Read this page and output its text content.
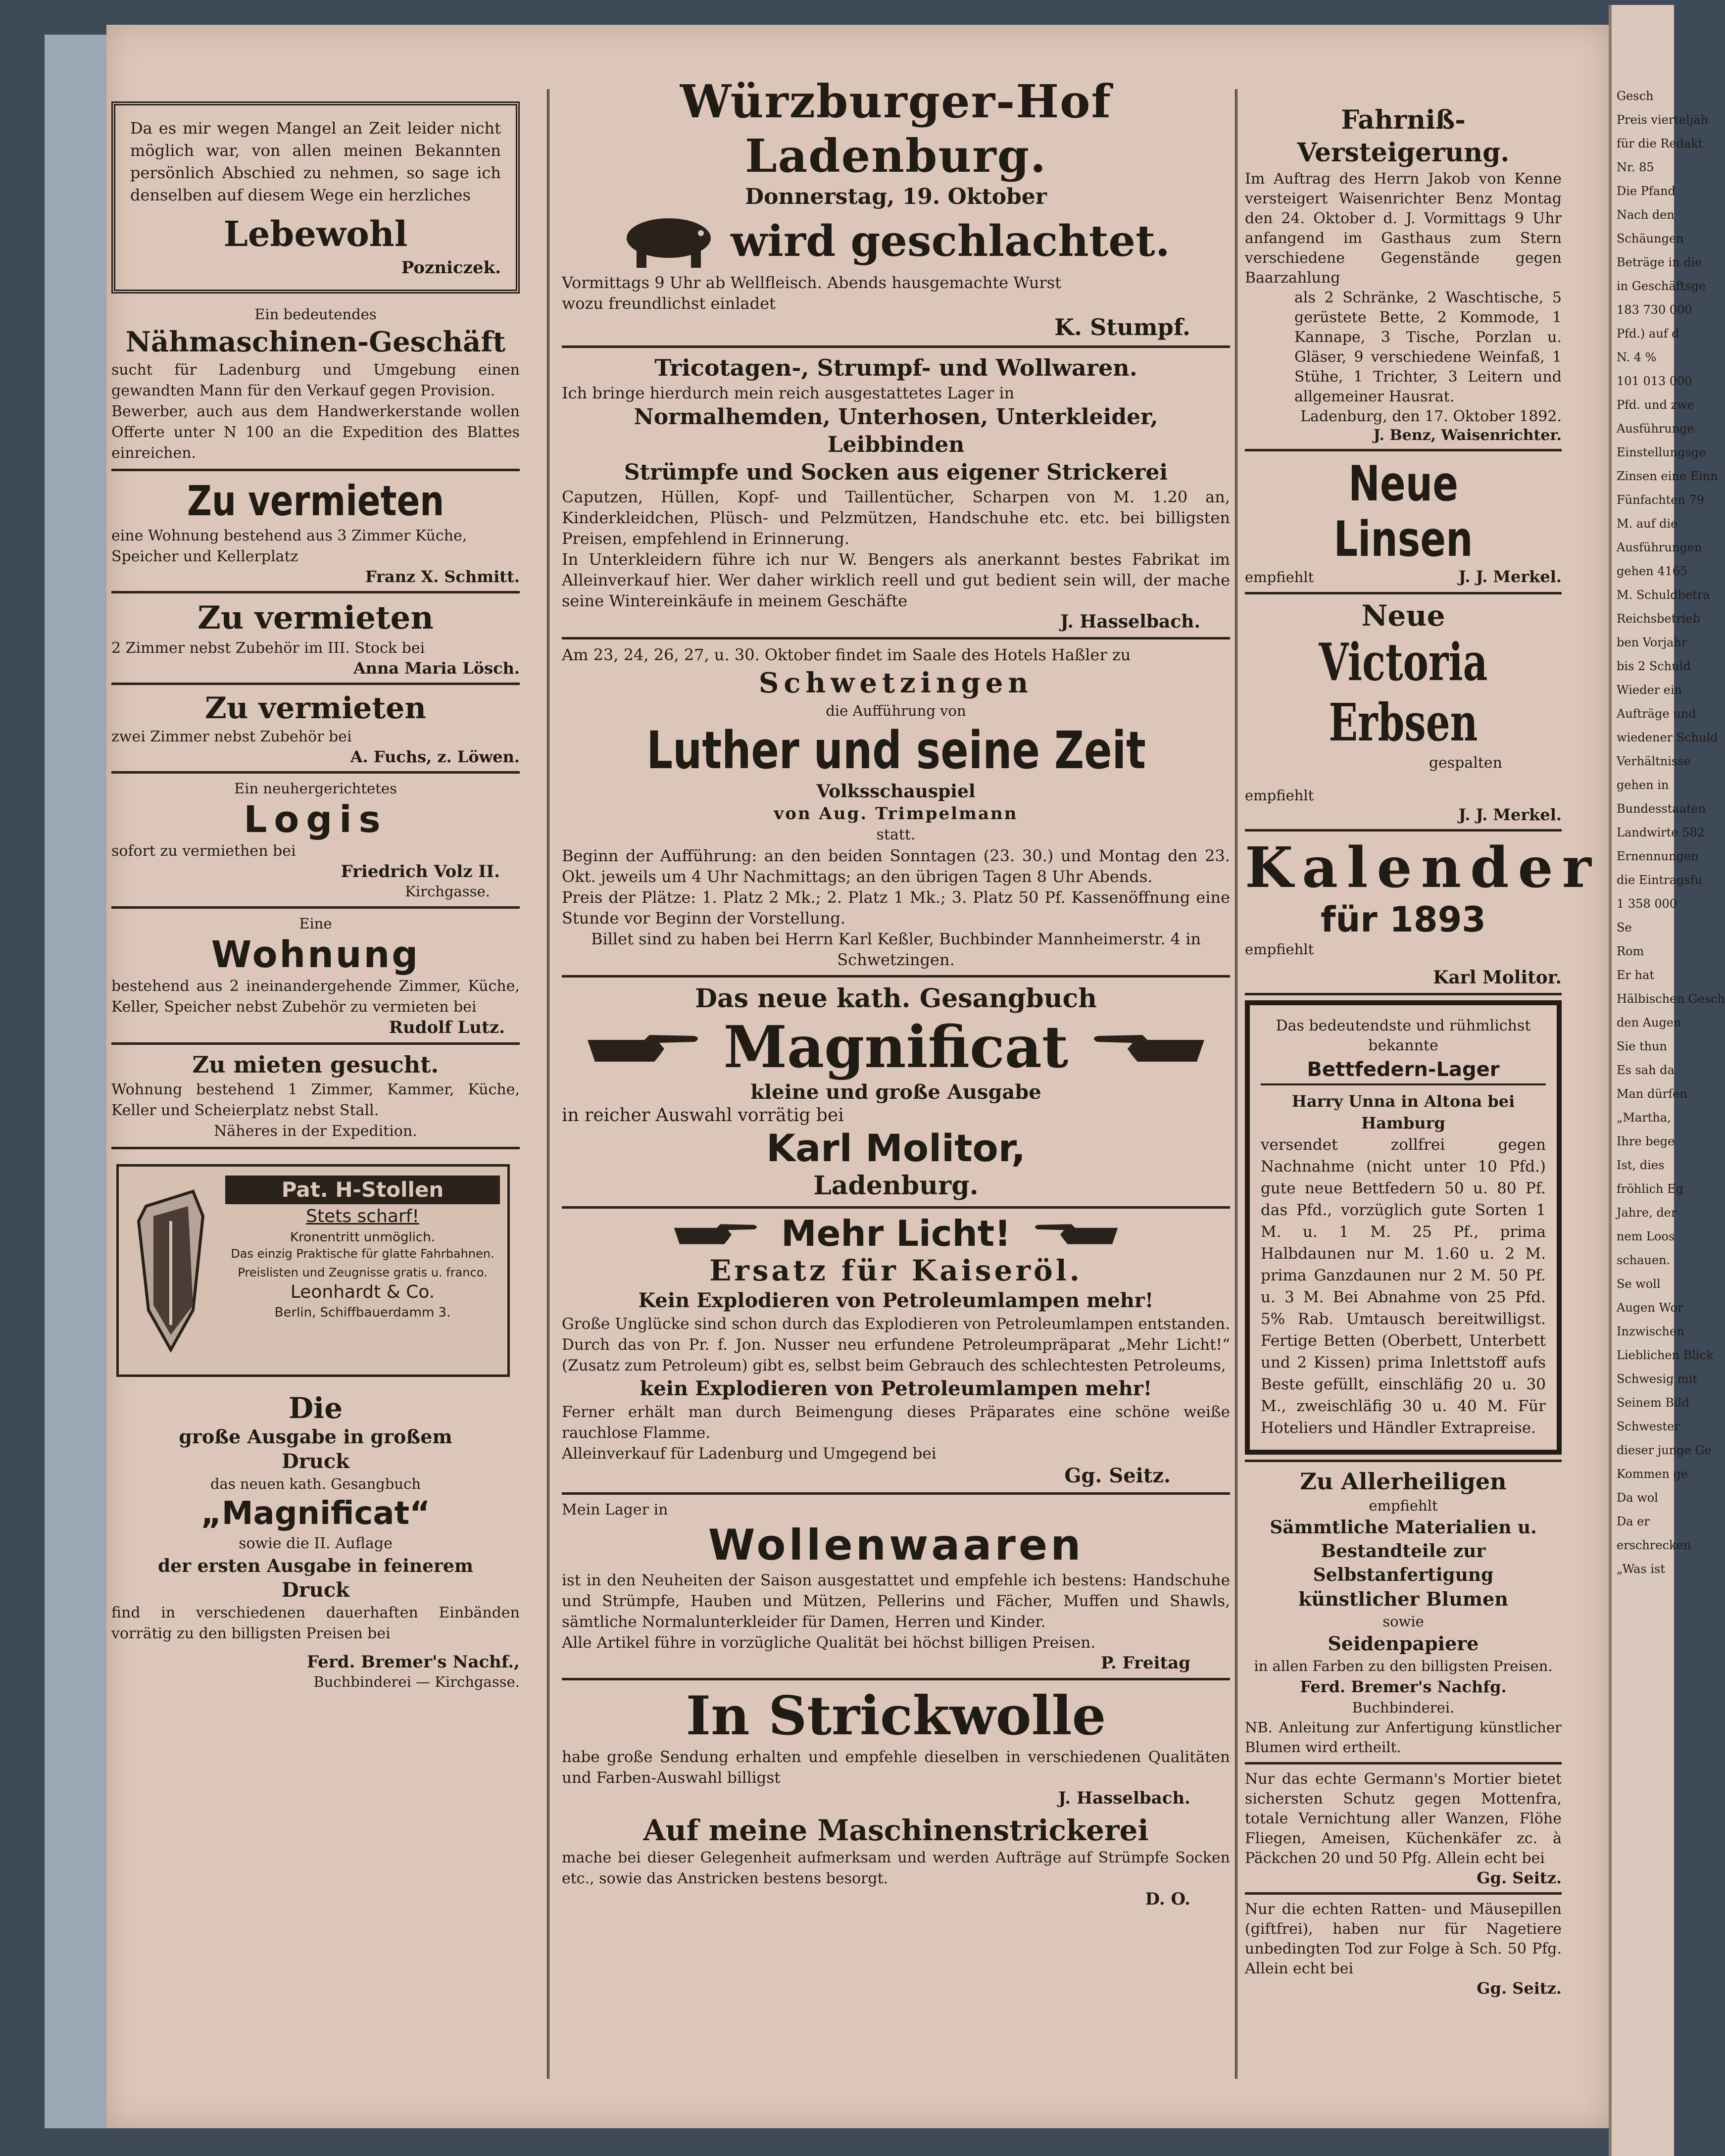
Da es mir wegen Mangel an Zeit leider nicht möglich war, von allen meinen Bekannten persönlich Abschied zu nehmen, so sage ich denselben auf diesem Wege ein herzliches
Lebewohl
Pozniczek.
Ein bedeutendes
Nähmaschinen-Geschäft
sucht für Ladenburg und Umgebung einen gewandten Mann für den Verkauf gegen Provision.
Bewerber, auch aus dem Handwerkerstande wollen Offerte unter N 100 an die Expedition des Blattes einreichen.
Zu vermieten
eine Wohnung bestehend aus 3 Zimmer Küche, Speicher und Kellerplatz
Franz X. Schmitt.
Zu vermieten
2 Zimmer nebst Zubehör im III. Stock bei
Anna Maria Lösch.
Zu vermieten
zwei Zimmer nebst Zubehör bei
A. Fuchs, z. Löwen.
Ein neuhergerichtetes
Logis
sofort zu vermiethen bei
Friedrich Volz II.
Kirchgasse.
Eine
Wohnung
bestehend aus 2 ineinandergehende Zimmer, Küche, Keller, Speicher nebst Zubehör zu vermieten bei
Rudolf Lutz.
Zu mieten gesucht.
Wohnung bestehend 1 Zimmer, Kammer, Küche, Keller und Scheierplatz nebst Stall.
Näheres in der Expedition.
Pat. H-Stollen
Stets scharf!
Kronentritt unmöglich.
Das einzig Praktische für glatte Fahrbahnen.
Preislisten und Zeugnisse gratis u. franco.
Leonhardt & Co.
Berlin, Schiffbauerdamm 3.
Die
große Ausgabe in großem
Druck
das neuen kath. Gesangbuch
„Magnificat“
sowie die II. Auflage
der ersten Ausgabe in feinerem
Druck
find in verschiedenen dauerhaften Einbänden vorrätig zu den billigsten Preisen bei
Ferd. Bremer's Nachf.,
Buchbinderei — Kirchgasse.
Würzburger-Hof Ladenburg.
Donnerstag, 19. Oktober
wird geschlachtet.
Vormittags 9 Uhr ab Wellfleisch. Abends hausgemachte Wurst
wozu freundlichst einladet
K. Stumpf.
Tricotagen-, Strumpf- und Wollwaren.
Ich bringe hierdurch mein reich ausgestattetes Lager in
Normalhemden, Unterhosen, Unterkleider, Leibbinden
Strümpfe und Socken aus eigener Strickerei
Caputzen, Hüllen, Kopf- und Taillentücher, Scharpen von M. 1.20 an, Kinderkleidchen, Plüsch- und Pelzmützen, Handschuhe etc. etc. bei billigsten Preisen, empfehlend in Erinnerung.
In Unterkleidern führe ich nur W. Bengers als anerkannt bestes Fabrikat im Alleinverkauf hier. Wer daher wirklich reell und gut bedient sein will, der mache seine Wintereinkäufe in meinem Geschäfte
J. Hasselbach.
Am 23, 24, 26, 27, u. 30. Oktober findet im Saale des Hotels Haßler zu
Schwetzingen
die Aufführung von
Luther und seine Zeit
Volksschauspiel
von Aug. Trimpelmann
statt.
Beginn der Aufführung: an den beiden Sonntagen (23. 30.) und Montag den 23. Okt. jeweils um 4 Uhr Nachmittags; an den übrigen Tagen 8 Uhr Abends.
Preis der Plätze: 1. Platz 2 Mk.; 2. Platz 1 Mk.; 3. Platz 50 Pf. Kassenöffnung eine Stunde vor Beginn der Vorstellung.
Billet sind zu haben bei Herrn Karl Keßler, Buchbinder Mannheimerstr. 4 in Schwetzingen.
Das neue kath. Gesangbuch
Magnificat
kleine und große Ausgabe
in reicher Auswahl vorrätig bei
Karl Molitor,
Ladenburg.
Mehr Licht!
Ersatz für Kaiseröl.
Kein Explodieren von Petroleumlampen mehr!
Große Unglücke sind schon durch das Explodieren von Petroleumlampen entstanden. Durch das von Pr. f. Jon. Nusser neu erfundene Petroleumpräparat „Mehr Licht!“ (Zusatz zum Petroleum) gibt es, selbst beim Gebrauch des schlechtesten Petroleums,
kein Explodieren von Petroleumlampen mehr!
Ferner erhält man durch Beimengung dieses Präparates eine schöne weiße rauchlose Flamme.
Alleinverkauf für Ladenburg und Umgegend bei
Gg. Seitz.
Mein Lager in
Wollenwaaren
ist in den Neuheiten der Saison ausgestattet und empfehle ich bestens: Handschuhe und Strümpfe, Hauben und Mützen, Pellerins und Fächer, Muffen und Shawls, sämtliche Normalunterkleider für Damen, Herren und Kinder.
Alle Artikel führe in vorzügliche Qualität bei höchst billigen Preisen.
P. Freitag
In Strickwolle
habe große Sendung erhalten und empfehle dieselben in verschiedenen Qualitäten und Farben-Auswahl billigst
J. Hasselbach.
Auf meine Maschinenstrickerei
mache bei dieser Gelegenheit aufmerksam und werden Aufträge auf Strümpfe Socken etc., sowie das Anstricken bestens besorgt.
D. O.
Fahrniß-Versteigerung.
Im Auftrag des Herrn Jakob von Kenne versteigert Waisenrichter Benz Montag den 24. Oktober d. J. Vormittags 9 Uhr anfangend im Gasthaus zum Stern verschiedene Gegenstände gegen Baarzahlung
als 2 Schränke, 2 Waschtische, 5 gerüstete Bette, 2 Kommode, 1 Kannape, 3 Tische, Porzlan u. Gläser, 9 verschiedene Weinfaß, 1 Stühe, 1 Trichter, 3 Leitern und allgemeiner Hausrat.
Ladenburg, den 17. Oktober 1892.
J. Benz, Waisenrichter.
Neue Linsen
empfiehlt	J. J. Merkel.
Neue
Victoria Erbsen
gespalten
empfiehlt
J. J. Merkel.
Kalender
für 1893
empfiehlt
Karl Molitor.
Das bedeutendste und rühmlichst bekannte
Bettfedern-Lager
Harry Unna in Altona bei Hamburg
versendet zollfrei gegen Nachnahme (nicht unter 10 Pfd.) gute neue Bettfedern 50 u. 80 Pf. das Pfd., vorzüglich gute Sorten 1 M. u. 1 M. 25 Pf., prima Halbdaunen nur M. 1.60 u. 2 M. prima Ganzdaunen nur 2 M. 50 Pf. u. 3 M. Bei Abnahme von 25 Pfd. 5% Rab. Umtausch bereitwilligst. Fertige Betten (Oberbett, Unterbett und 2 Kissen) prima Inlettstoff aufs Beste gefüllt, einschläfig 20 u. 30 M., zweischläfig 30 u. 40 M. Für Hoteliers und Händler Extrapreise.
Zu Allerheiligen
empfiehlt
Sämmtliche Materialien u. Bestandteile zur Selbstanfertigung
künstlicher Blumen
sowie
Seidenpapiere
in allen Farben zu den billigsten Preisen.
Ferd. Bremer's Nachfg.
Buchbinderei.
NB. Anleitung zur Anfertigung künstlicher Blumen wird ertheilt.
Nur das echte Germann's Mortier bietet sichersten Schutz gegen Mottenfra, totale Vernichtung aller Wanzen, Flöhe Fliegen, Ameisen, Küchenkäfer zc. à Päckchen 20 und 50 Pfg. Allein echt bei
Gg. Seitz.
Nur die echten Ratten- und Mäusepillen (giftfrei), haben nur für Nagetiere unbedingten Tod zur Folge à Sch. 50 Pfg. Allein echt bei
Gg. Seitz.
Gesch
Preis vierteljäh
für die Redakt
Nr. 85
Die Pfand
Nach den
Schäungen
Beträge in die
in Geschäftsge
183 730 000
Pfd.) auf d
N. 4 %
101 013 000
Pfd. und zwe
Ausführunge
Einstellungsge
Zinsen eine Einn
Fünfachten 79
M. auf die
Ausführungen
gehen 4165
M. Schuldbetra
Reichsbetrieb
ben Vorjahr
bis 2 Schuld
Wieder ein
Aufträge und
wiedener Schuld
Verhältnisse
gehen in
Bundesstaaten
Landwirte 582
Ernennungen
die Eintragsfu
1 358 000
Se
Rom
Er hat
Hälbischen Gesch
den Augen
Sie thun
Es sah da
Man dürfen
„Martha,
Ihre bege
Ist, dies
fröhlich Eg
Jahre, der
nem Loos
schauen.
Se woll
Augen Wor
Inzwischen
Lieblichen Blick
Schwesig mit
Seinem Bild
Schwester
dieser junge Ge
Kommen ge
Da wol
Da er
erschrecken
„Was ist
